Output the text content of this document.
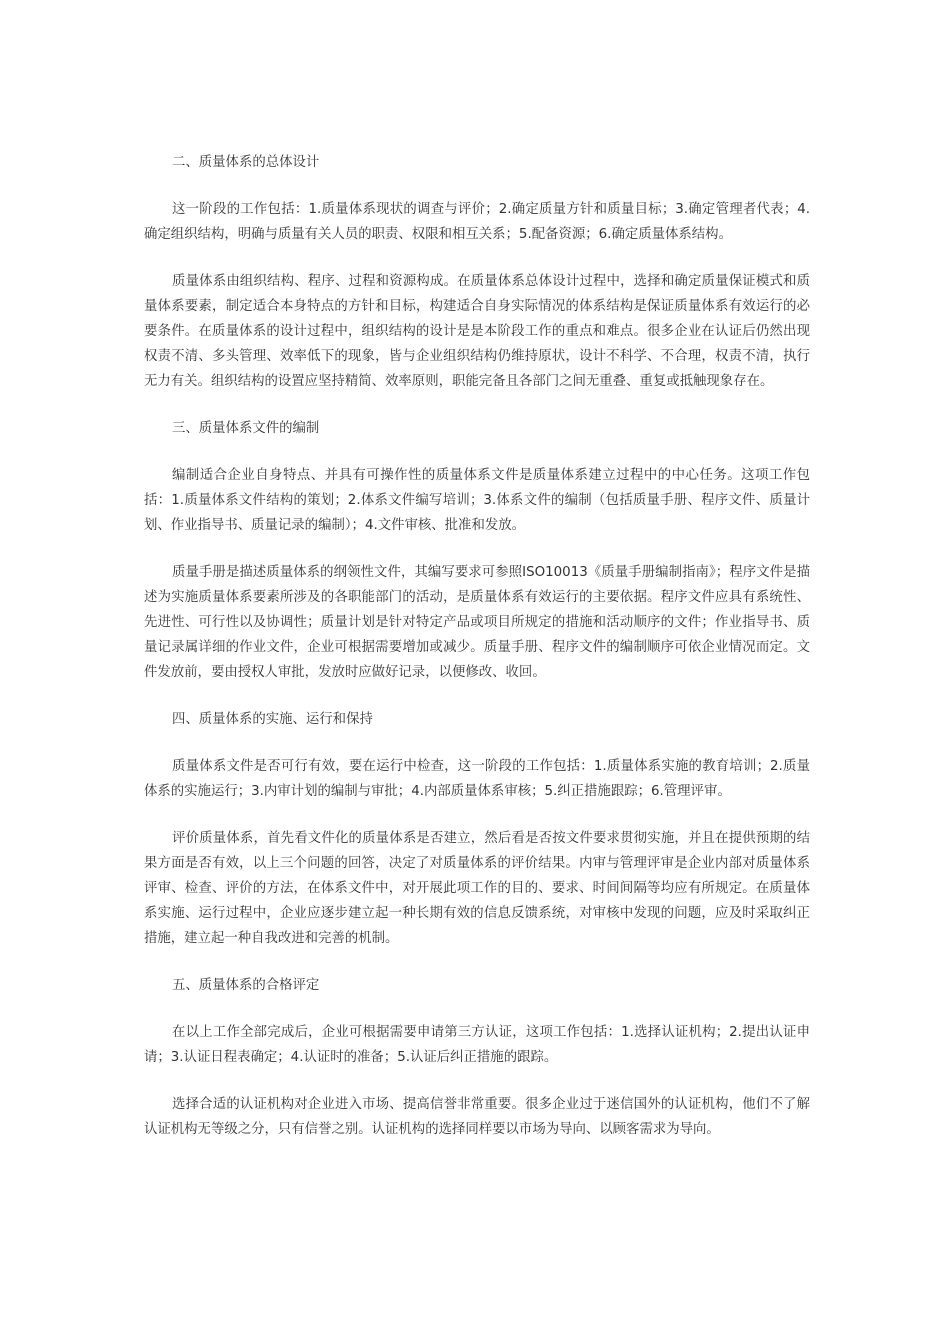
二、质量体系的总体设计
这一阶段的工作包括：1.质量体系现状的调查与评价；2.确定质量方针和质量目标；3.确定管理者代表；4.确定组织结构，明确与质量有关人员的职责、权限和相互关系；5.配备资源；6.确定质量体系结构。
质量体系由组织结构、程序、过程和资源构成。在质量体系总体设计过程中，选择和确定质量保证模式和质量体系要素，制定适合本身特点的方针和目标，构建适合自身实际情况的体系结构是保证质量体系有效运行的必要条件。在质量体系的设计过程中，组织结构的设计是是本阶段工作的重点和难点。很多企业在认证后仍然出现权责不清、多头管理、效率低下的现象，皆与企业组织结构仍维持原状，设计不科学、不合理，权责不清，执行无力有关。组织结构的设置应坚持精简、效率原则，职能完备且各部门之间无重叠、重复或抵触现象存在。
三、质量体系文件的编制
编制适合企业自身特点、并具有可操作性的质量体系文件是质量体系建立过程中的中心任务。这项工作包括：1.质量体系文件结构的策划；2.体系文件编写培训；3.体系文件的编制（包括质量手册、程序文件、质量计划、作业指导书、质量记录的编制）；4.文件审核、批准和发放。
质量手册是描述质量体系的纲领性文件，其编写要求可参照ISO10013《质量手册编制指南》；程序文件是描述为实施质量体系要素所涉及的各职能部门的活动，是质量体系有效运行的主要依据。程序文件应具有系统性、先进性、可行性以及协调性；质量计划是针对特定产品或项目所规定的措施和活动顺序的文件；作业指导书、质量记录属详细的作业文件，企业可根据需要增加或减少。质量手册、程序文件的编制顺序可依企业情况而定。文件发放前，要由授权人审批，发放时应做好记录，以便修改、收回。
四、质量体系的实施、运行和保持
质量体系文件是否可行有效，要在运行中检查，这一阶段的工作包括：1.质量体系实施的教育培训；2.质量体系的实施运行；3.内审计划的编制与审批；4.内部质量体系审核；5.纠正措施跟踪；6.管理评审。
评价质量体系，首先看文件化的质量体系是否建立，然后看是否按文件要求贯彻实施，并且在提供预期的结果方面是否有效，以上三个问题的回答，决定了对质量体系的评价结果。内审与管理评审是企业内部对质量体系评审、检查、评价的方法，在体系文件中，对开展此项工作的目的、要求、时间间隔等均应有所规定。在质量体系实施、运行过程中，企业应逐步建立起一种长期有效的信息反馈系统，对审核中发现的问题，应及时采取纠正措施，建立起一种自我改进和完善的机制。
五、质量体系的合格评定
在以上工作全部完成后，企业可根据需要申请第三方认证，这项工作包括：1.选择认证机构；2.提出认证申请；3.认证日程表确定；4.认证时的准备；5.认证后纠正措施的跟踪。
选择合适的认证机构对企业进入市场、提高信誉非常重要。很多企业过于迷信国外的认证机构，他们不了解认证机构无等级之分，只有信誉之别。认证机构的选择同样要以市场为导向、以顾客需求为导向。
